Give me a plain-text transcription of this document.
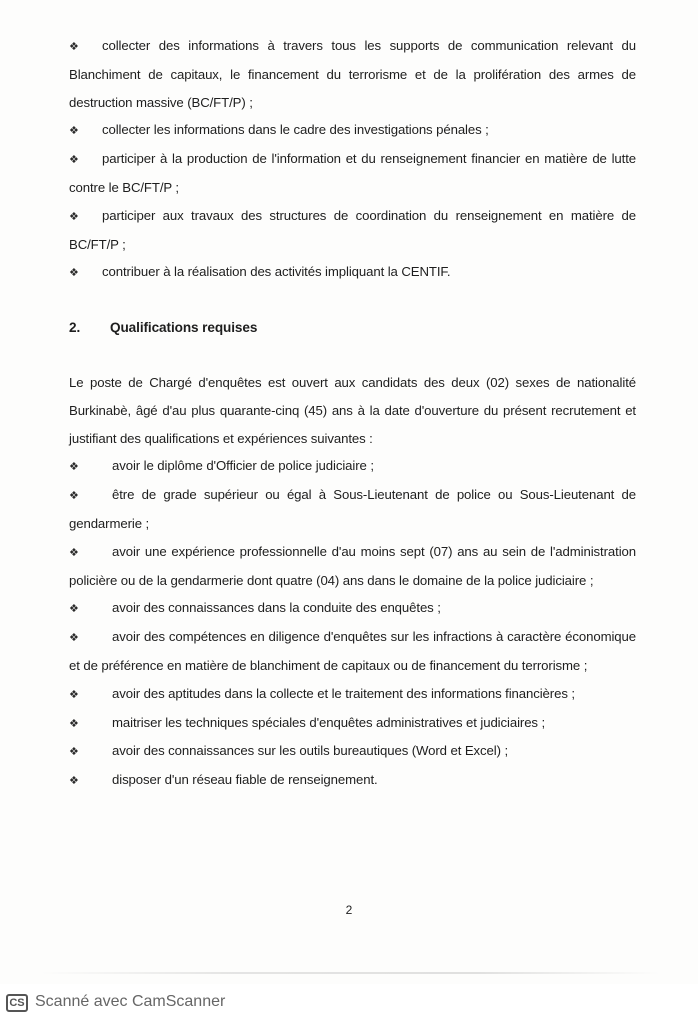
❖ collecter des informations à travers tous les supports de communication relevant du Blanchiment de capitaux, le financement du terrorisme et de la prolifération des armes de destruction massive (BC/FT/P) ;

❖ collecter les informations dans le cadre des investigations pénales ;

❖ participer à la production de l'information et du renseignement financier en matière de lutte contre le BC/FT/P ;

❖ participer aux travaux des structures de coordination du renseignement en matière de BC/FT/P ;

❖ contribuer à la réalisation des activités impliquant la CENTIF.

2. Qualifications requises

Le poste de Chargé d'enquêtes est ouvert aux candidats des deux (02) sexes de nationalité Burkinabè, âgé d'au plus quarante-cinq (45) ans à la date d'ouverture du présent recrutement et justifiant des qualifications et expériences suivantes :

❖	avoir le diplôme d'Officier de police judiciaire ;

❖	être de grade supérieur ou égal à Sous-Lieutenant de police ou Sous-Lieutenant de gendarmerie ;

❖	avoir une expérience professionnelle d'au moins sept (07) ans au sein de l'administration policière ou de la gendarmerie dont quatre (04) ans dans le domaine de la police judiciaire ;

❖	avoir des connaissances dans la conduite des enquêtes ;

❖	avoir des compétences en diligence d'enquêtes sur les infractions à caractère économique et de préférence en matière de blanchiment de capitaux ou de financement du terrorisme ;

❖	avoir des aptitudes dans la collecte et le traitement des informations financières ;

❖	maitriser les techniques spéciales d'enquêtes administratives et judiciaires ;

❖	avoir des connaissances sur les outils bureautiques (Word et Excel) ;

❖	disposer d'un réseau fiable de renseignement.

2
CS Scanné avec CamScanner
